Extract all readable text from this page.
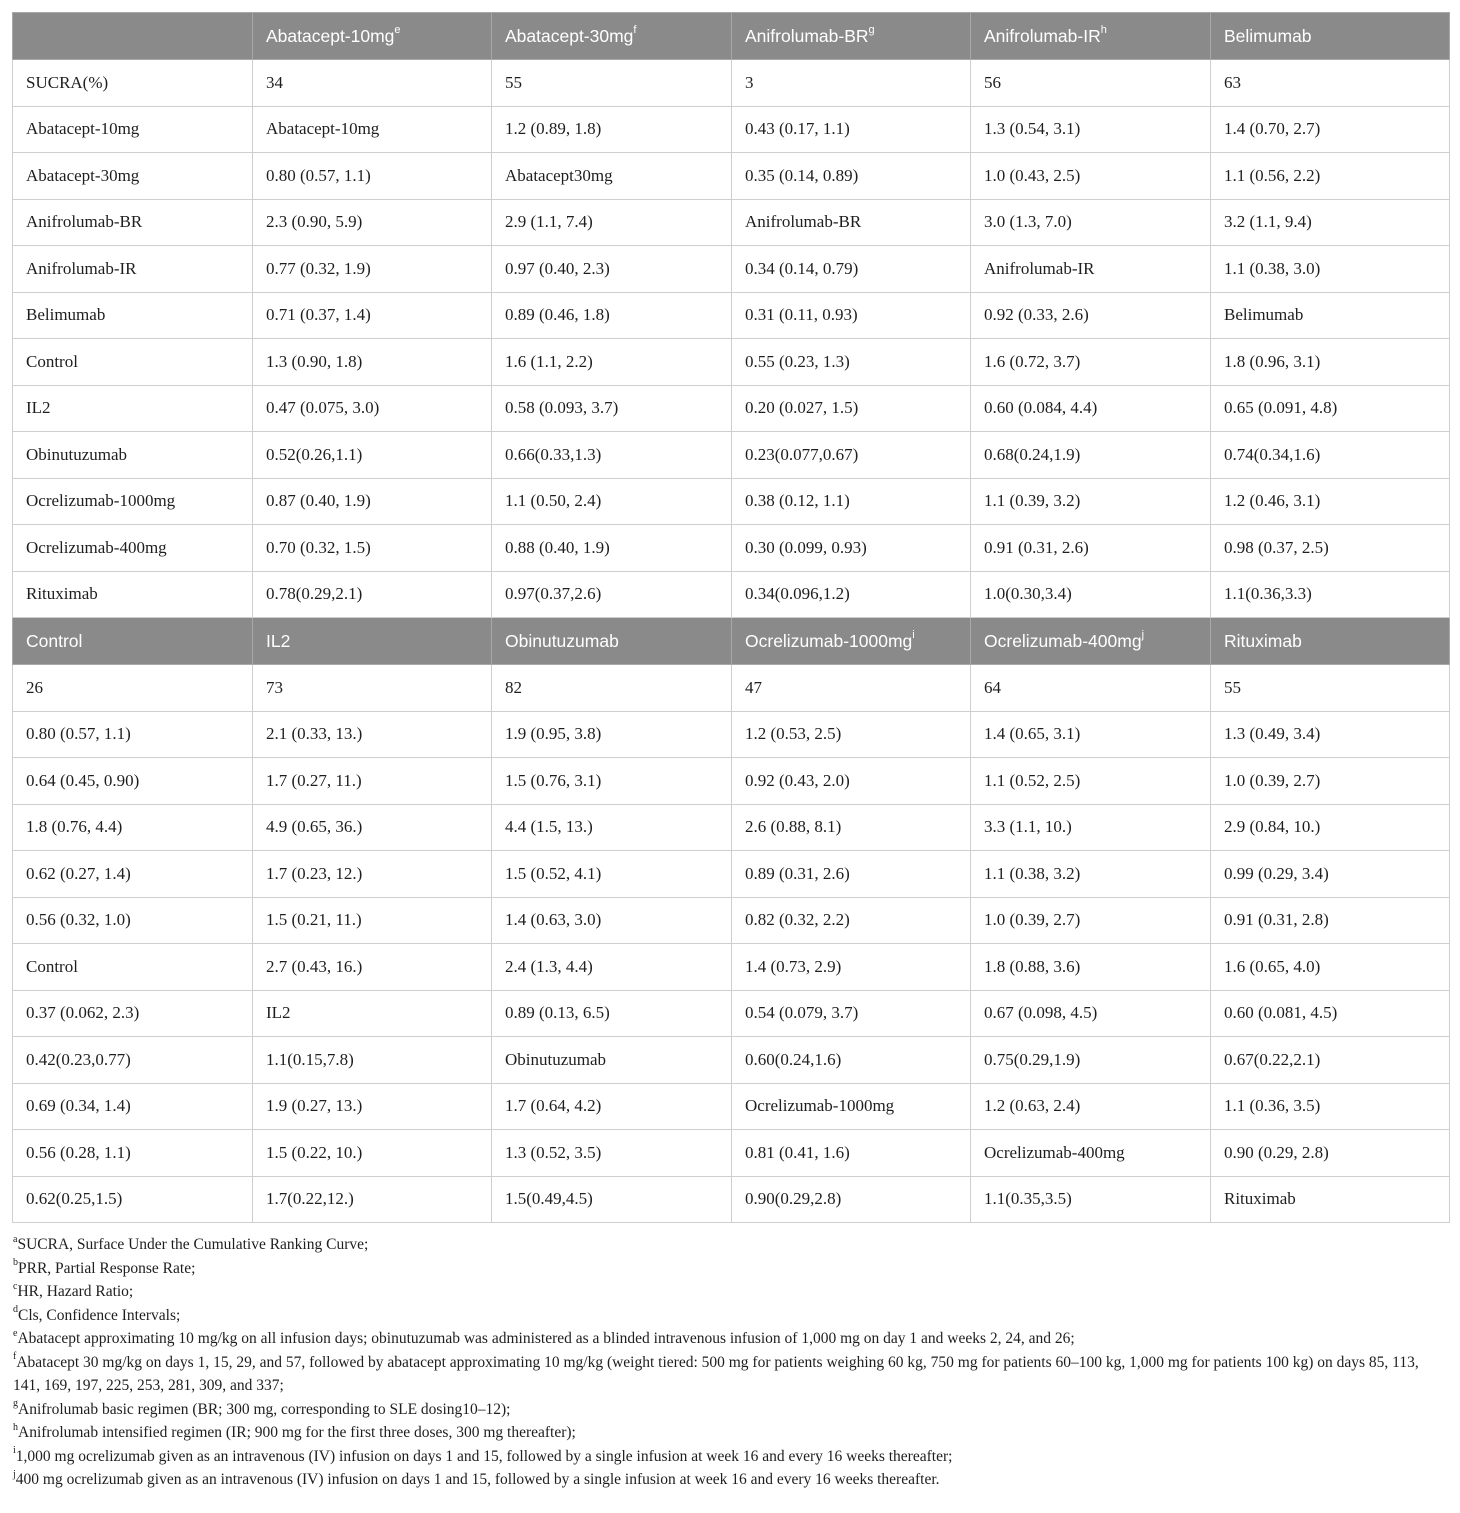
	Abatacept-$10mg^e$	Abatacept-$30mg^f$	Anifrolumab-$BR^g$	Anifrolumab-$IR^h$	Belimumab
SUCRA(%)	34	55	3	56	63
Abatacept-10mg	Abatacept-10mg	1.2 (0.89, 1.8)	0.43 (0.17, 1.1)	1.3 (0.54, 3.1)	1.4 (0.70, 2.7)
Abatacept-30mg	0.80 (0.57, 1.1)	Abatacept30mg	0.35 (0.14, 0.89)	1.0 (0.43, 2.5)	1.1 (0.56, 2.2)
Anifrolumab-BR	2.3 (0.90, 5.9)	2.9 (1.1, 7.4)	Anifrolumab-BR	3.0 (1.3, 7.0)	3.2 (1.1, 9.4)
Anifrolumab-IR	0.77 (0.32, 1.9)	0.97 (0.40, 2.3)	0.34 (0.14, 0.79)	Anifrolumab-IR	1.1 (0.38, 3.0)
Belimumab	0.71 (0.37, 1.4)	0.89 (0.46, 1.8)	0.31 (0.11, 0.93)	0.92 (0.33, 2.6)	Belimumab
Control	1.3 (0.90, 1.8)	1.6 (1.1, 2.2)	0.55 (0.23, 1.3)	1.6 (0.72, 3.7)	1.8 (0.96, 3.1)
IL2	0.47 (0.075, 3.0)	0.58 (0.093, 3.7)	0.20 (0.027, 1.5)	0.60 (0.084, 4.4)	0.65 (0.091, 4.8)
Obinutuzumab	0.52(0.26,1.1)	0.66(0.33,1.3)	0.23(0.077,0.67)	0.68(0.24,1.9)	0.74(0.34,1.6)
Ocrelizumab-1000mg	0.87 (0.40, 1.9)	1.1 (0.50, 2.4)	0.38 (0.12, 1.1)	1.1 (0.39, 3.2)	1.2 (0.46, 3.1)
Ocrelizumab-400mg	0.70 (0.32, 1.5)	0.88 (0.40, 1.9)	0.30 (0.099, 0.93)	0.91 (0.31, 2.6)	0.98 (0.37, 2.5)
Rituximab	0.78(0.29,2.1)	0.97(0.37,2.6)	0.34(0.096,1.2)	1.0(0.30,3.4)	1.1(0.36,3.3)
Control	IL2	Obinutuzumab	Ocrelizumab-$1000mg^i$	Ocrelizumab-$400mg^j$	Rituximab
26	73	82	47	64	55
0.80 (0.57, 1.1)	2.1 (0.33, 13.)	1.9 (0.95, 3.8)	1.2 (0.53, 2.5)	1.4 (0.65, 3.1)	1.3 (0.49, 3.4)
0.64 (0.45, 0.90)	1.7 (0.27, 11.)	1.5 (0.76, 3.1)	0.92 (0.43, 2.0)	1.1 (0.52, 2.5)	1.0 (0.39, 2.7)
1.8 (0.76, 4.4)	4.9 (0.65, 36.)	4.4 (1.5, 13.)	2.6 (0.88, 8.1)	3.3 (1.1, 10.)	2.9 (0.84, 10.)
0.62 (0.27, 1.4)	1.7 (0.23, 12.)	1.5 (0.52, 4.1)	0.89 (0.31, 2.6)	1.1 (0.38, 3.2)	0.99 (0.29, 3.4)
0.56 (0.32, 1.0)	1.5 (0.21, 11.)	1.4 (0.63, 3.0)	0.82 (0.32, 2.2)	1.0 (0.39, 2.7)	0.91 (0.31, 2.8)
Control	2.7 (0.43, 16.)	2.4 (1.3, 4.4)	1.4 (0.73, 2.9)	1.8 (0.88, 3.6)	1.6 (0.65, 4.0)
0.37 (0.062, 2.3)	IL2	0.89 (0.13, 6.5)	0.54 (0.079, 3.7)	0.67 (0.098, 4.5)	0.60 (0.081, 4.5)
0.42(0.23,0.77)	1.1(0.15,7.8)	Obinutuzumab	0.60(0.24,1.6)	0.75(0.29,1.9)	0.67(0.22,2.1)
0.69 (0.34, 1.4)	1.9 (0.27, 13.)	1.7 (0.64, 4.2)	Ocrelizumab-1000mg	1.2 (0.63, 2.4)	1.1 (0.36, 3.5)
0.56 (0.28, 1.1)	1.5 (0.22, 10.)	1.3 (0.52, 3.5)	0.81 (0.41, 1.6)	Ocrelizumab-400mg	0.90 (0.29, 2.8)
0.62(0.25,1.5)	1.7(0.22,12.)	1.5(0.49,4.5)	0.90(0.29,2.8)	1.1(0.35,3.5)	Rituximab

$^a$SUCRA, Surface Under the Cumulative Ranking Curve;

$^b$PRR, Partial Response Rate;

$^c$HR, Hazard Ratio;

$^d$Cls, Confidence Intervals;

$^e$Abatacept approximating 10 mg/kg on all infusion days; obinutuzumab was administered as a blinded intravenous infusion of 1,000 mg on day 1 and weeks 2, 24, and 26;

$^f$Abatacept 30 mg/kg on days 1, 15, 29, and 57, followed by abatacept approximating 10 mg/kg (weight tiered: 500 mg for patients weighing 60 kg, 750 mg for patients 60–100 kg, 1,000 mg for patients 100 kg) on days 85, 113, 141, 169, 197, 225, 253, 281, 309, and 337;

$^g$Anifrolumab basic regimen (BR; 300 mg, corresponding to SLE dosing10–12);

$^h$Anifrolumab intensified regimen (IR; 900 mg for the first three doses, 300 mg thereafter);

$^i$1,000 mg ocrelizumab given as an intravenous (IV) infusion on days 1 and 15, followed by a single infusion at week 16 and every 16 weeks thereafter;

$^j$400 mg ocrelizumab given as an intravenous (IV) infusion on days 1 and 15, followed by a single infusion at week 16 and every 16 weeks thereafter.
